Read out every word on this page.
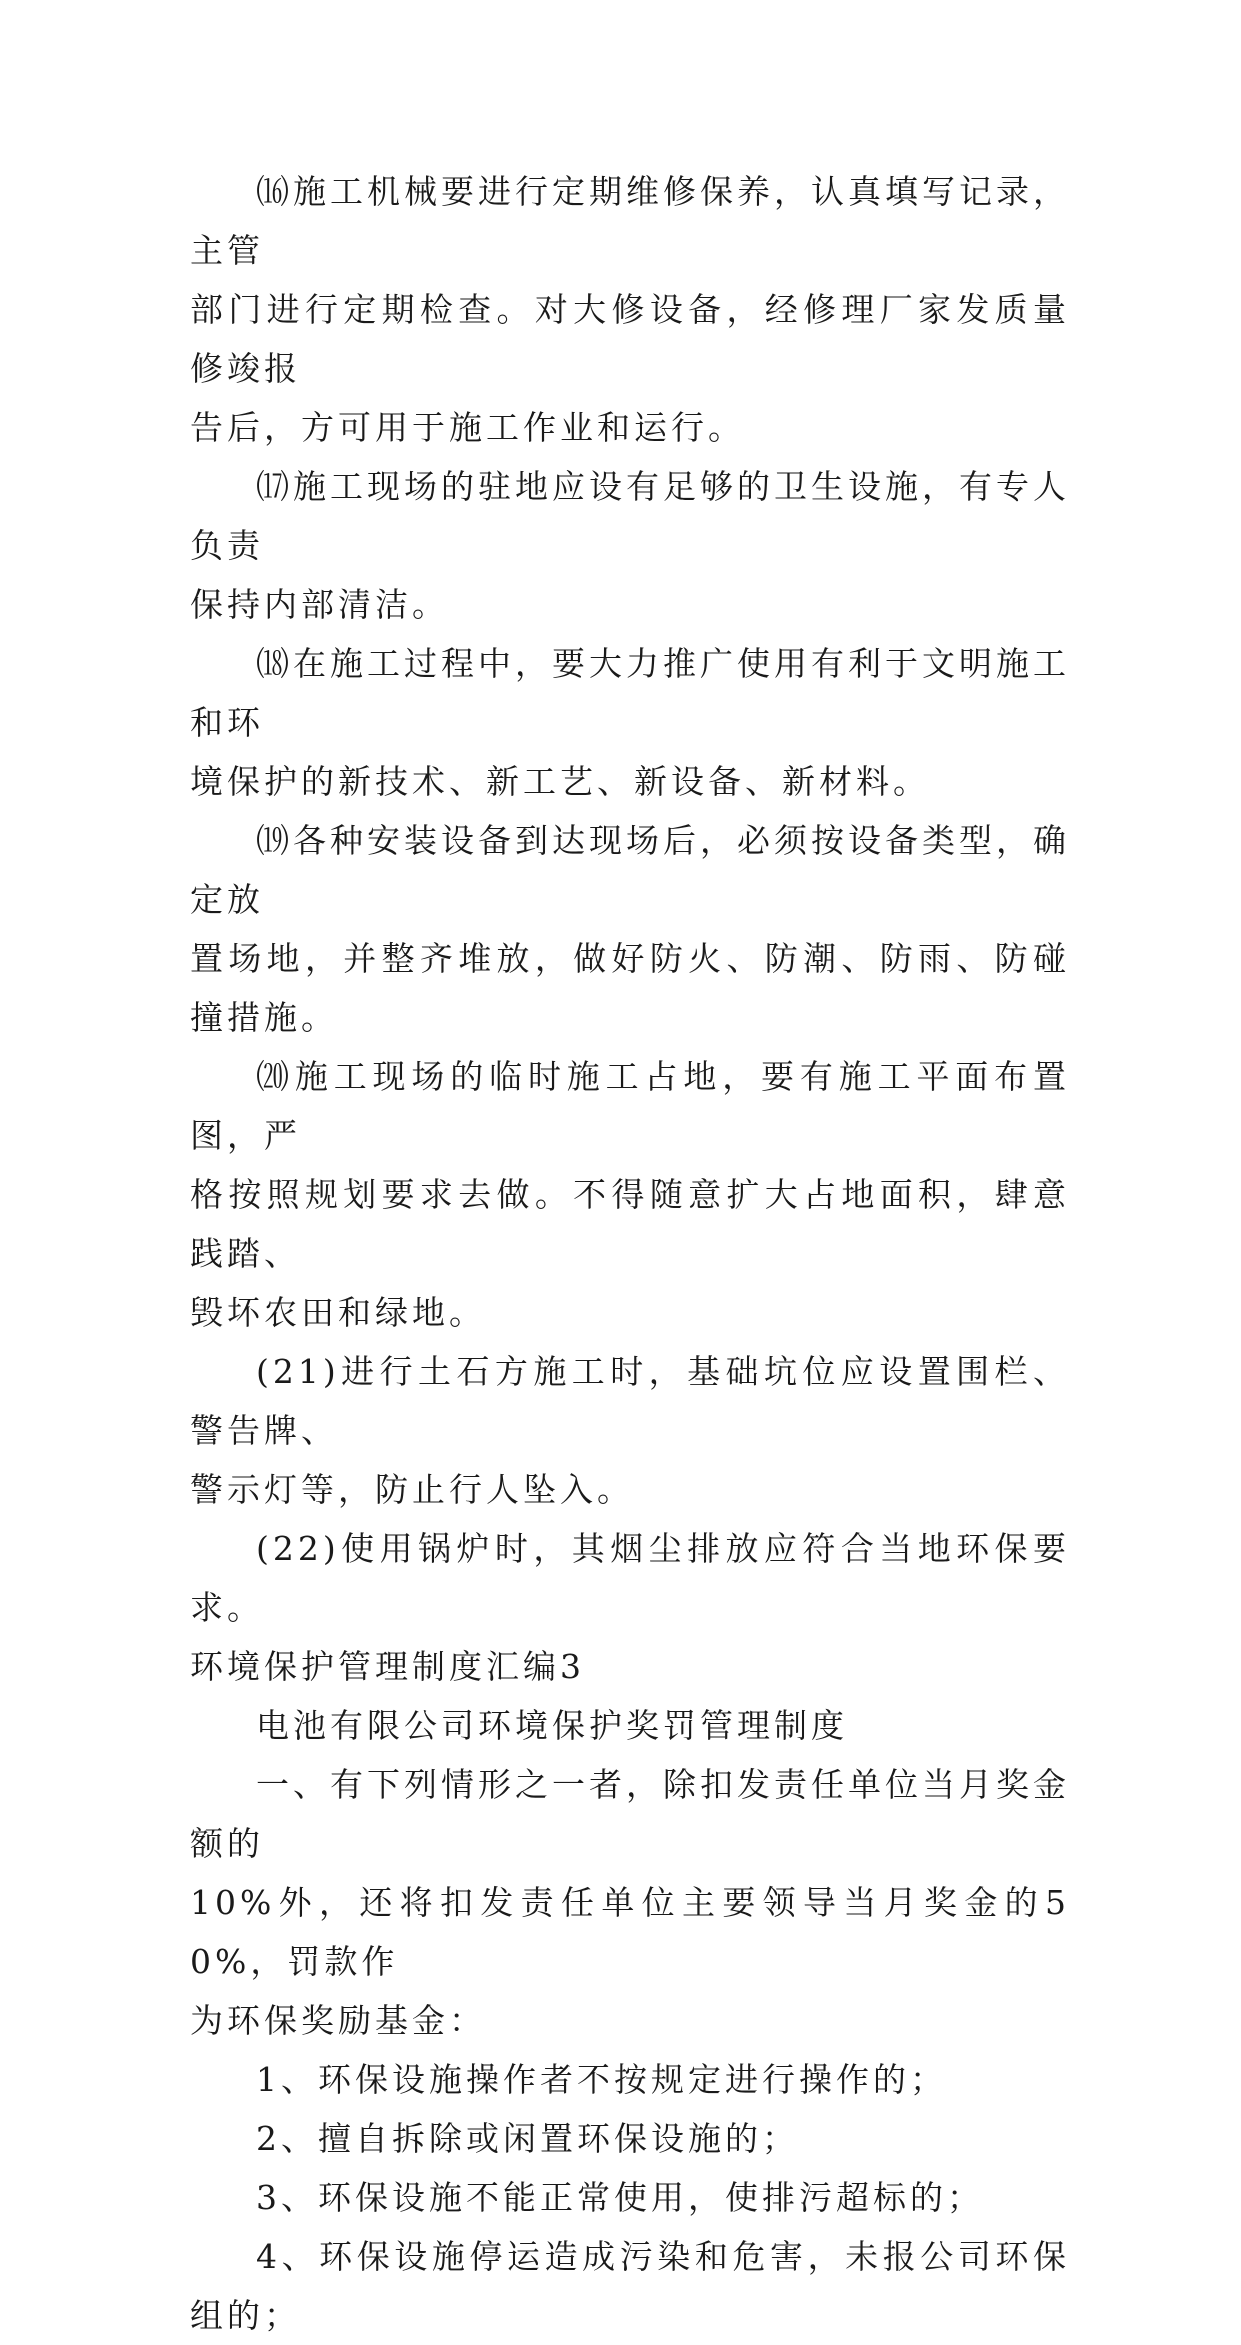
⒃施工机械要进行定期维修保养，认真填写记录，主管
部门进行定期检查。对大修设备，经修理厂家发质量修竣报
告后，方可用于施工作业和运行。

⒄施工现场的驻地应设有足够的卫生设施，有专人负责
保持内部清洁。

⒅在施工过程中，要大力推广使用有利于文明施工和环
境保护的新技术、新工艺、新设备、新材料。

⒆各种安装设备到达现场后，必须按设备类型，确定放
置场地，并整齐堆放，做好防火、防潮、防雨、防碰撞措施。

⒇施工现场的临时施工占地，要有施工平面布置图，严
格按照规划要求去做。不得随意扩大占地面积，肆意践踏、
毁坏农田和绿地。

(21)进行土石方施工时，基础坑位应设置围栏、警告牌、
警示灯等，防止行人坠入。

(22)使用锅炉时，其烟尘排放应符合当地环保要求。

环境保护管理制度汇编3

电池有限公司环境保护奖罚管理制度

一、有下列情形之一者，除扣发责任单位当月奖金额的
10%外，还将扣发责任单位主要领导当月奖金的50%，罚款作
为环保奖励基金：

1、环保设施操作者不按规定进行操作的；

2、擅自拆除或闲置环保设施的；

3、环保设施不能正常使用，使排污超标的；

4、环保设施停运造成污染和危害，未报公司环保组的；
